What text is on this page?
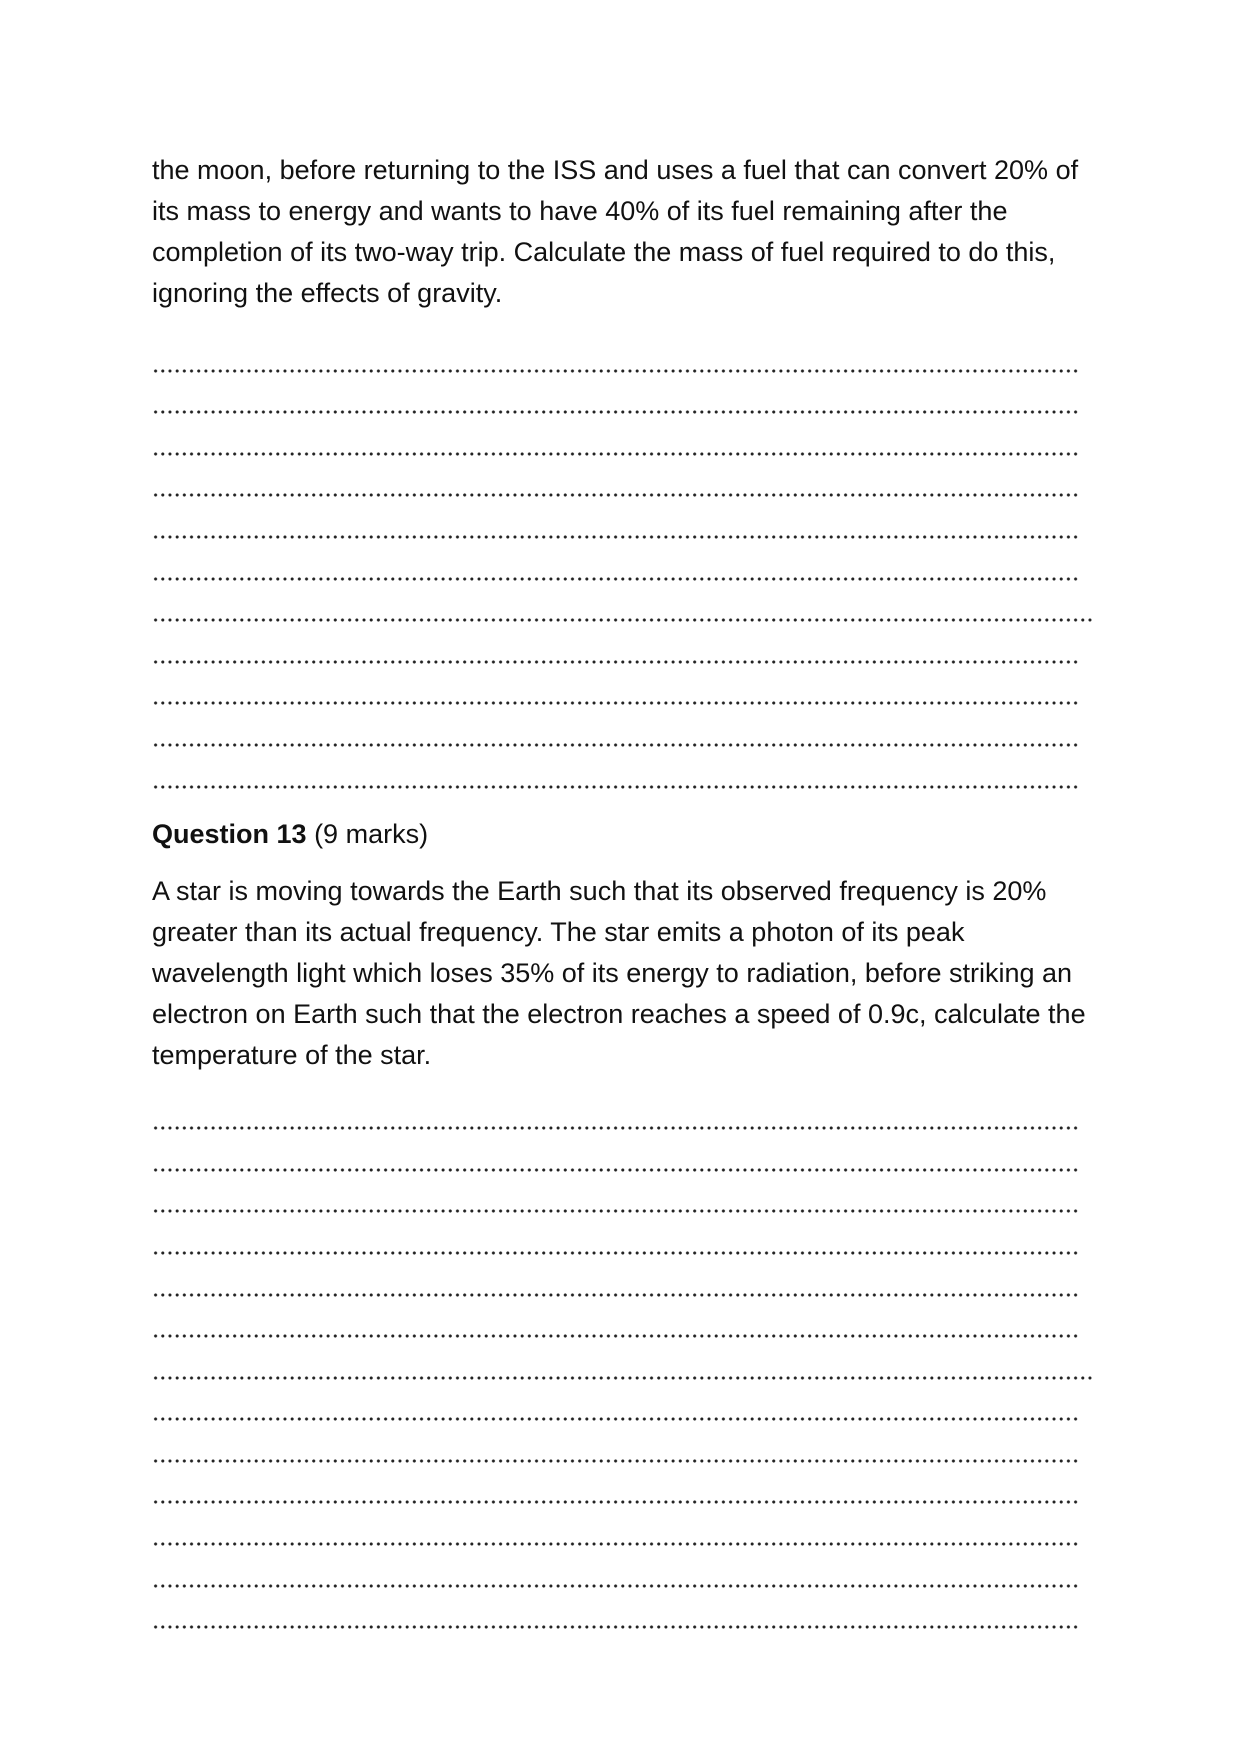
the moon, before returning to the ISS and uses a fuel that can convert 20% of its mass to energy and wants to have 40% of its fuel remaining after the completion of its two-way trip. Calculate the mass of fuel required to do this, ignoring the effects of gravity.

Question 13 (9 marks)

A star is moving towards the Earth such that its observed frequency is 20% greater than its actual frequency. The star emits a photon of its peak wavelength light which loses 35% of its energy to radiation, before striking an electron on Earth such that the electron reaches a speed of 0.9c, calculate the temperature of the star.
